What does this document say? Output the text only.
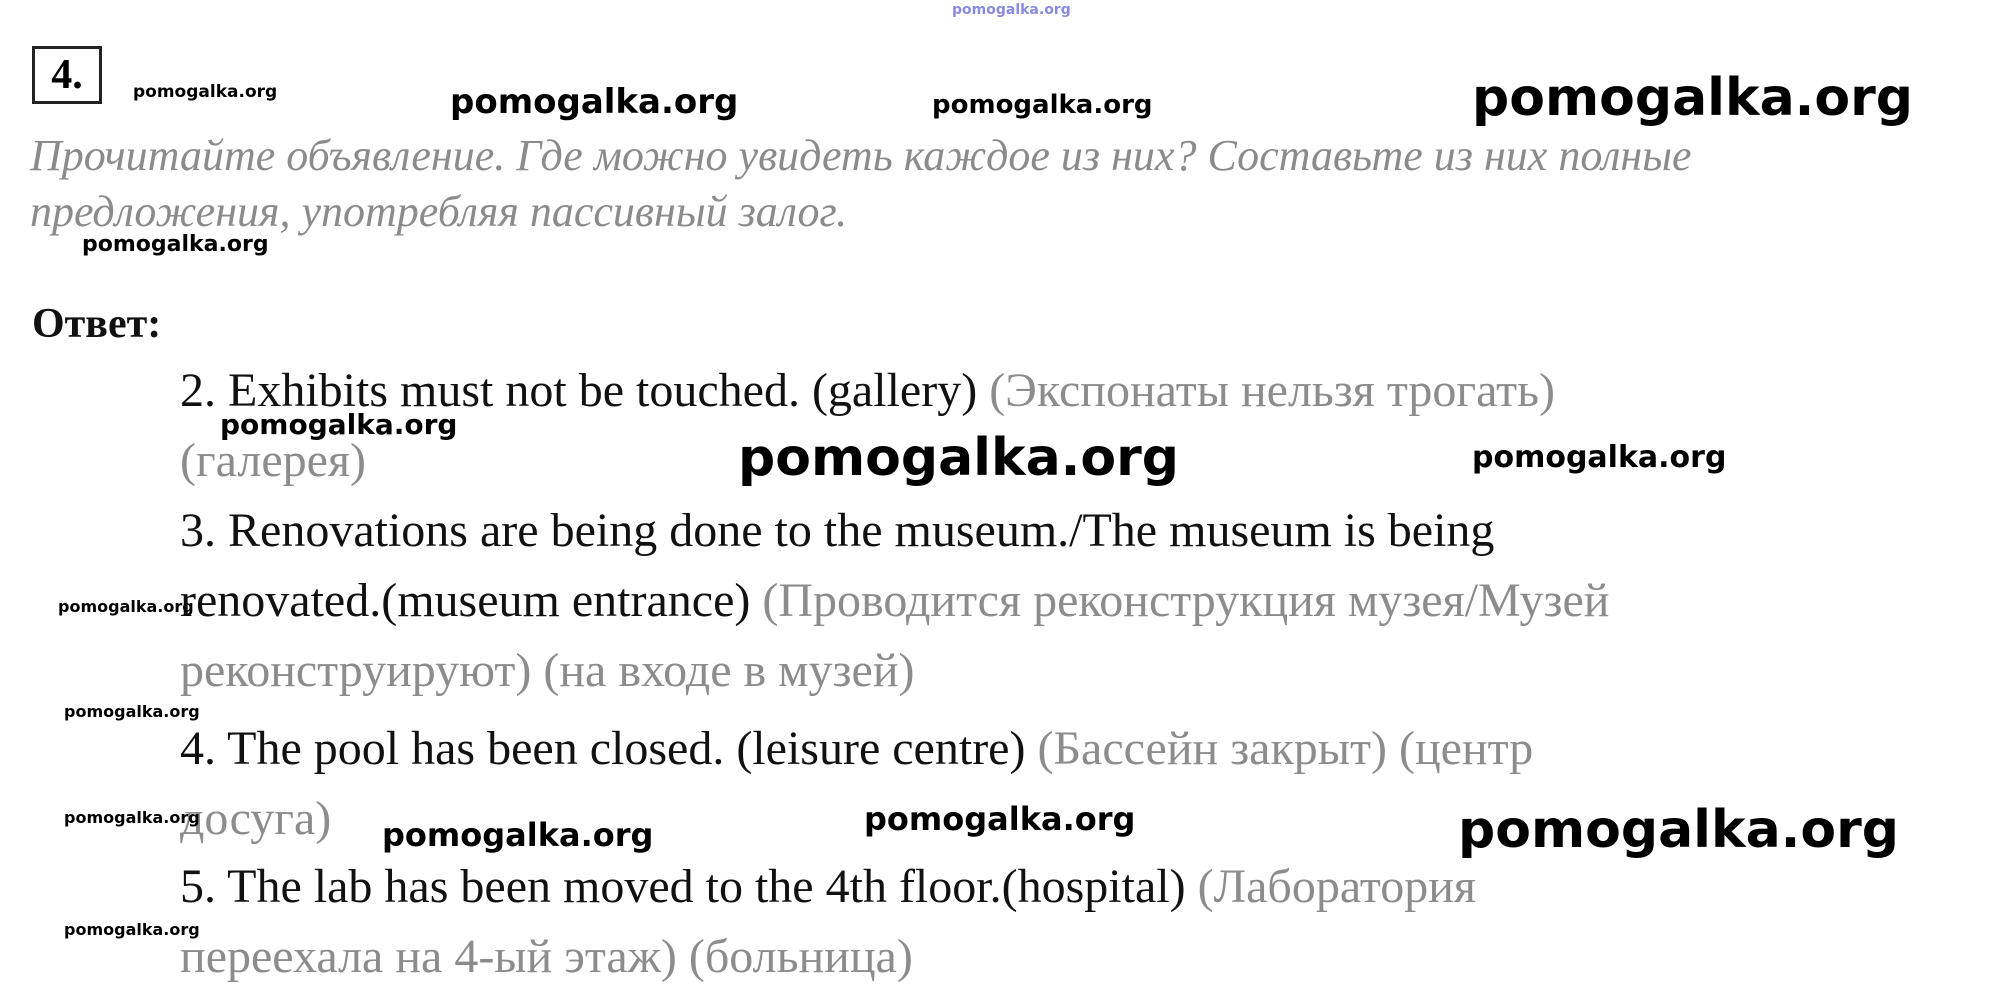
pomogalka.org
4.	pomogalka.org	pomogalka.org	pomogalka.org	pomogalka.org
Прочитайте объявление. Где можно увидеть каждое из них? Составьте из них полные
предложения, употребляя пассивный залог.
pomogalka.org
Ответ:
2. Exhibits must not be touched. (gallery) (Экспонаты нельзя трогать)
(галерея)
3. Renovations are being done to the museum./The museum is being
renovated.(museum entrance) (Проводится реконструкция музея/Музей
реконструируют) (на входе в музей)
4. The pool has been closed. (leisure centre) (Бассейн закрыт) (центр
досуга)
5. The lab has been moved to the 4th floor.(hospital) (Лаборатория
переехала на 4-ый этаж) (больница)
pomogalka.org
pomogalka.org	pomogalka.org
pomogalka.org
pomogalka.org
pomogalka.org	pomogalka.org	pomogalka.org	pomogalka.org
pomogalka.org
